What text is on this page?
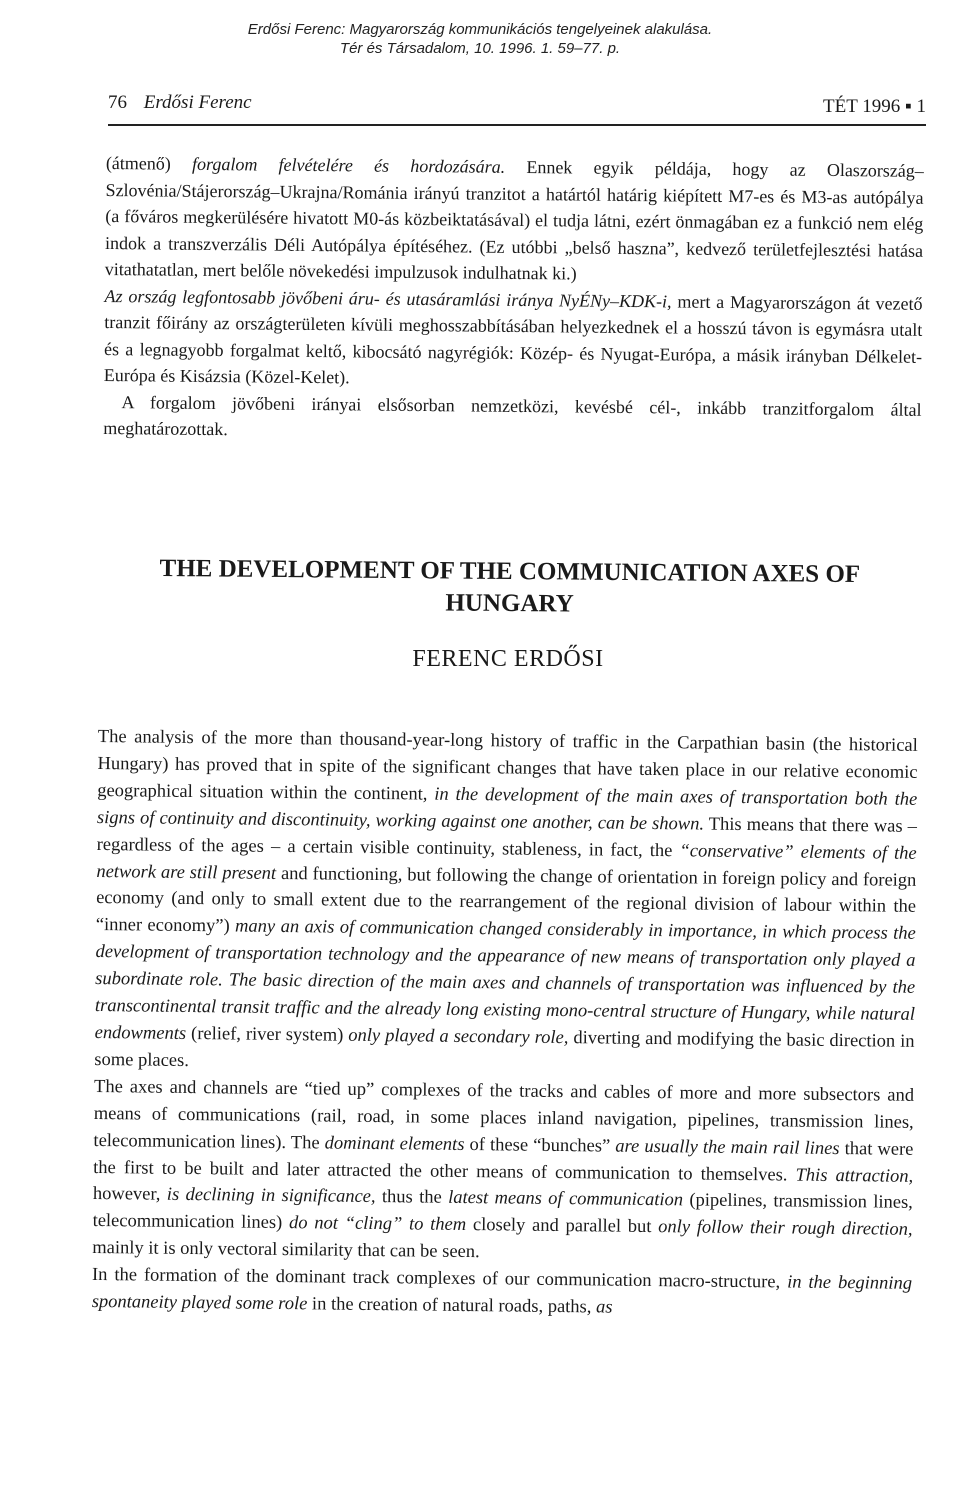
Erdősi Ferenc: Magyarország kommunikációs tengelyeinek alakulása.
Tér és Társadalom, 10. 1996. 1. 59–77. p.
76 Erdősi Ferenc	TÉT 1996 ▪ 1

(átmenő) forgalom felvételére és hordozására. Ennek egyik példája, hogy az Olaszország–Szlovénia/Stájerország–Ukrajna/Románia irányú tranzitot a határtól határig kiépített M7-es és M3-as autópálya (a főváros megkerülésére hivatott M0-ás közbeiktatásával) el tudja látni, ezért önmagában ez a funkció nem elég indok a transzverzális Déli Autópálya építéséhez. (Ez utóbbi „belső haszna”, kedvező területfejlesztési hatása vitathatatlan, mert belőle növekedési impulzusok indulhatnak ki.)

Az ország legfontosabb jövőbeni áru- és utasáramlási iránya NyÉNy–KDK-i, mert a Magyarországon át vezető tranzit főirány az országterületen kívüli meghosszabbításában helyezkednek el a hosszú távon is egymásra utalt és a legnagyobb forgalmat keltő, kibocsátó nagyrégiók: Közép- és Nyugat-Európa, a másik irányban Délkelet-Európa és Kisázsia (Közel-Kelet).

A forgalom jövőbeni irányai elsősorban nemzetközi, kevésbé cél-, inkább tranzitforgalom által meghatározottak.

THE DEVELOPMENT OF THE COMMUNICATION AXES OF HUNGARY
FERENC ERDŐSI

The analysis of the more than thousand-year-long history of traffic in the Carpathian basin (the historical Hungary) has proved that in spite of the significant changes that have taken place in our relative economic geographical situation within the continent, in the development of the main axes of transportation both the signs of continuity and discontinuity, working against one another, can be shown. This means that there was – regardless of the ages – a certain visible continuity, stableness, in fact, the “conservative” elements of the network are still present and functioning, but following the change of orientation in foreign policy and foreign economy (and only to small extent due to the rearrangement of the regional division of labour within the “inner economy”) many an axis of communication changed considerably in importance, in which process the development of transportation technology and the appearance of new means of transportation only played a subordinate role. The basic direction of the main axes and channels of transportation was influenced by the transcontinental transit traffic and the already long existing mono-central structure of Hungary, while natural endowments (relief, river system) only played a secondary role, diverting and modifying the basic direction in some places.

The axes and channels are “tied up” complexes of the tracks and cables of more and more subsectors and means of communications (rail, road, in some places inland navigation, pipelines, transmission lines, telecommunication lines). The dominant elements of these “bunches” are usually the main rail lines that were the first to be built and later attracted the other means of communication to themselves. This attraction, however, is declining in significance, thus the latest means of communication (pipelines, transmission lines, telecommunication lines) do not “cling” to them closely and parallel but only follow their rough direction, mainly it is only vectoral similarity that can be seen.

In the formation of the dominant track complexes of our communication macro-structure, in the beginning spontaneity played some role in the creation of natural roads, paths, as
